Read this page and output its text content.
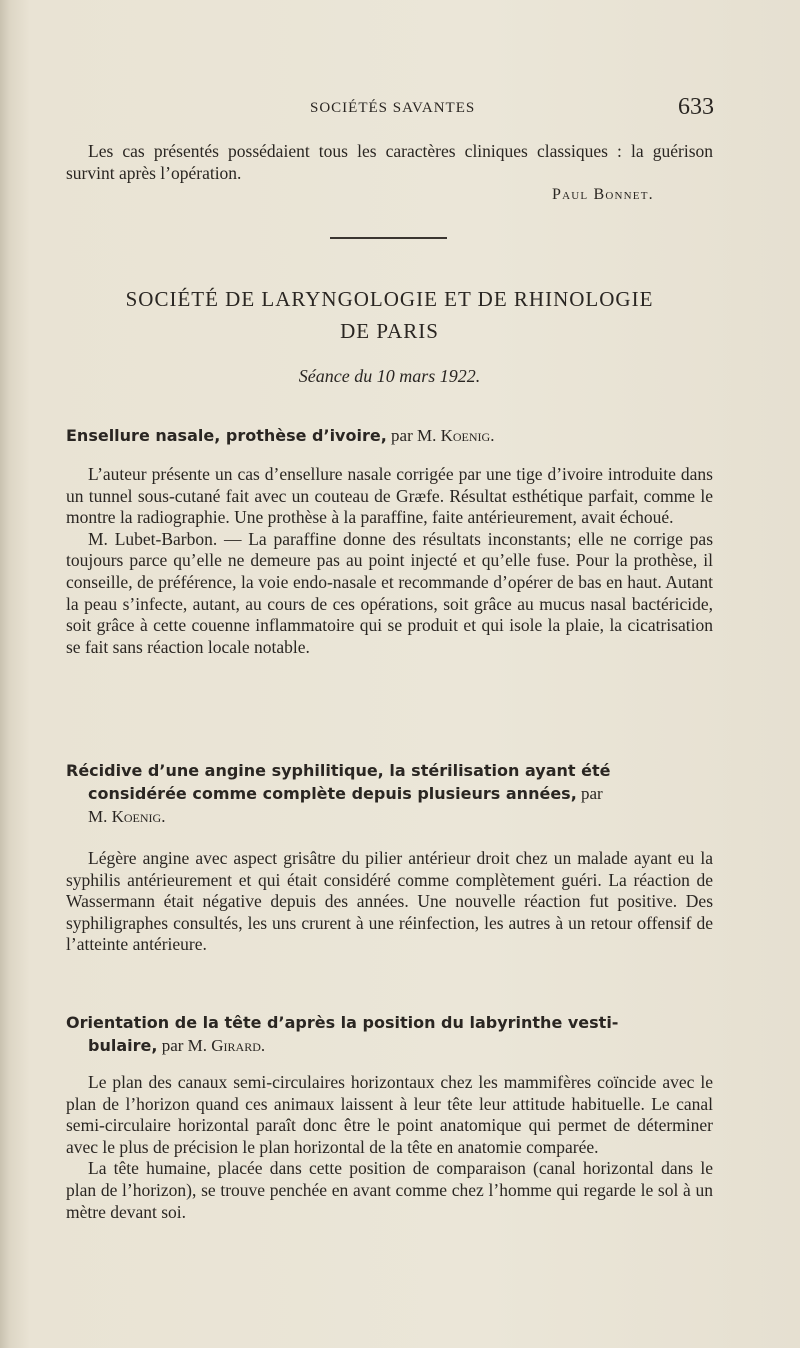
SOCIÉTÉS SAVANTES	633

Les cas présentés possédaient tous les caractères cliniques classiques : la guérison survint après l’opération.

Paul Bonnet.
SOCIÉTÉ DE LARYNGOLOGIE ET DE RHINOLOGIE
DE PARIS
Séance du 10 mars 1922.
Ensellure nasale, prothèse d’ivoire, par M. Koenig.

L’auteur présente un cas d’ensellure nasale corrigée par une tige d’ivoire introduite dans un tunnel sous-cutané fait avec un couteau de Græfe. Résultat esthétique parfait, comme le montre la radiographie. Une prothèse à la paraffine, faite antérieurement, avait échoué.

M. Lubet-Barbon. — La paraffine donne des résultats inconstants; elle ne corrige pas toujours parce qu’elle ne demeure pas au point injecté et qu’elle fuse. Pour la prothèse, il conseille, de préférence, la voie endo-nasale et recommande d’opérer de bas en haut. Autant la peau s’infecte, autant, au cours de ces opérations, soit grâce au mucus nasal bactéricide, soit grâce à cette couenne inflammatoire qui se produit et qui isole la plaie, la cicatrisation se fait sans réaction locale notable.

Récidive d’une angine syphilitique, la stérilisation ayant été
considérée comme complète depuis plusieurs années, par
M. Koenig.

Légère angine avec aspect grisâtre du pilier antérieur droit chez un malade ayant eu la syphilis antérieurement et qui était considéré comme complètement guéri. La réaction de Wassermann était négative depuis des années. Une nouvelle réaction fut positive. Des syphiligraphes consultés, les uns crurent à une réinfection, les autres à un retour offensif de l’atteinte antérieure.

Orientation de la tête d’après la position du labyrinthe vesti-
bulaire, par M. Girard.

Le plan des canaux semi-circulaires horizontaux chez les mammifères coïncide avec le plan de l’horizon quand ces animaux laissent à leur tête leur attitude habituelle. Le canal semi-circulaire horizontal paraît donc être le point anatomique qui permet de déterminer avec le plus de précision le plan horizontal de la tête en anatomie comparée.

La tête humaine, placée dans cette position de comparaison (canal horizontal dans le plan de l’horizon), se trouve penchée en avant comme chez l’homme qui regarde le sol à un mètre devant soi.
